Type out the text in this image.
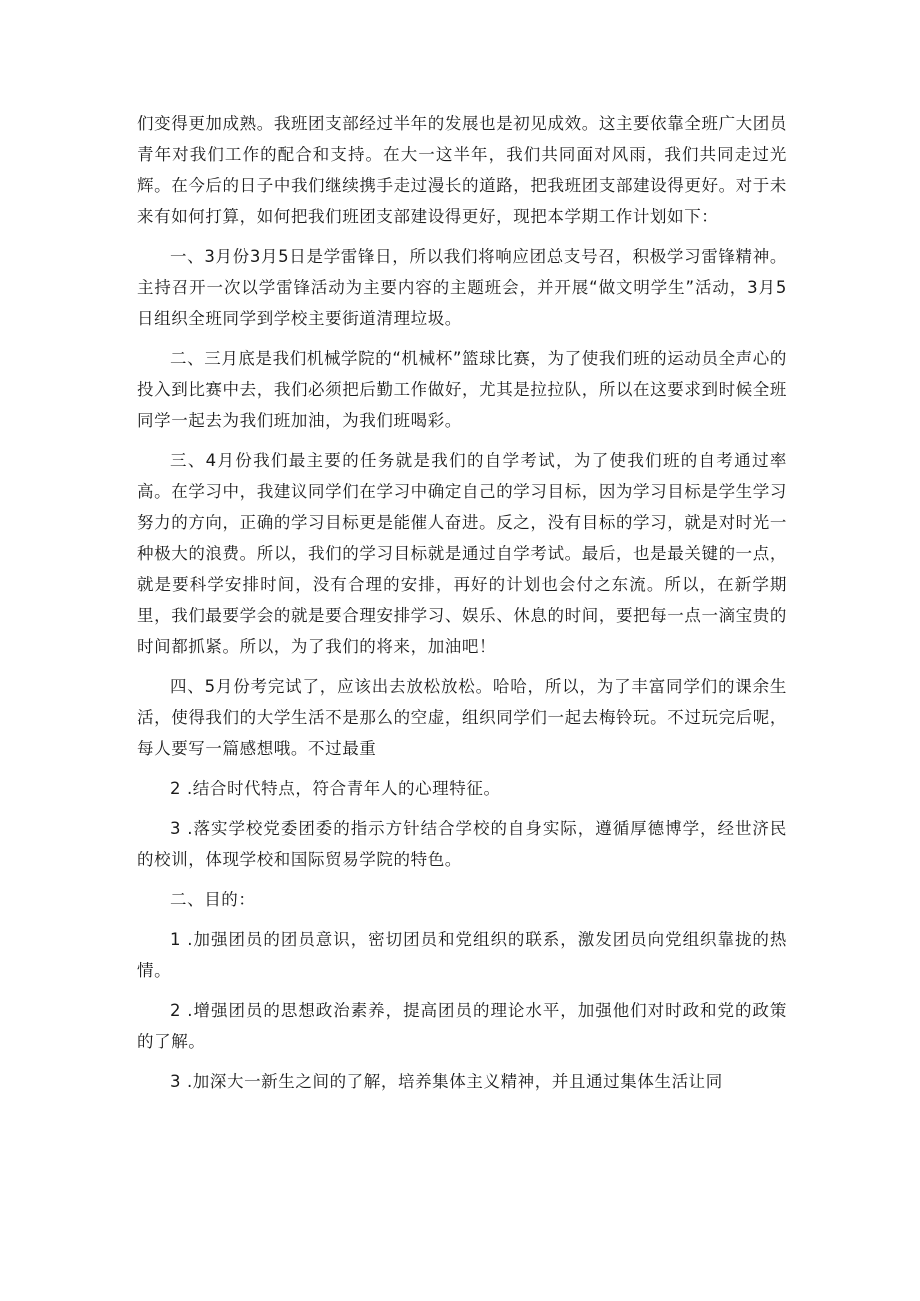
们变得更加成熟。我班团支部经过半年的发展也是初见成效。这主要依靠全班广大团员青年对我们工作的配合和支持。在大一这半年，我们共同面对风雨，我们共同走过光辉。在今后的日子中我们继续携手走过漫长的道路，把我班团支部建设得更好。对于未来有如何打算，如何把我们班团支部建设得更好，现把本学期工作计划如下：

一、3月份3月5日是学雷锋日，所以我们将响应团总支号召，积极学习雷锋精神。主持召开一次以学雷锋活动为主要内容的主题班会，并开展“做文明学生”活动，3月5日组织全班同学到学校主要街道清理垃圾。

二、三月底是我们机械学院的“机械杯”篮球比赛，为了使我们班的运动员全声心的投入到比赛中去，我们必须把后勤工作做好，尤其是拉拉队，所以在这要求到时候全班同学一起去为我们班加油，为我们班喝彩。

三、4月份我们最主要的任务就是我们的自学考试，为了使我们班的自考通过率高。在学习中，我建议同学们在学习中确定自己的学习目标，因为学习目标是学生学习努力的方向，正确的学习目标更是能催人奋进。反之，没有目标的学习，就是对时光一种极大的浪费。所以，我们的学习目标就是通过自学考试。最后，也是最关键的一点，就是要科学安排时间，没有合理的安排，再好的计划也会付之东流。所以，在新学期里，我们最要学会的就是要合理安排学习、娱乐、休息的时间，要把每一点一滴宝贵的时间都抓紧。所以，为了我们的将来，加油吧！

四、5月份考完试了，应该出去放松放松。哈哈，所以，为了丰富同学们的课余生活，使得我们的大学生活不是那么的空虚，组织同学们一起去梅铃玩。不过玩完后呢，每人要写一篇感想哦。不过最重

2 .结合时代特点，符合青年人的心理特征。

3 .落实学校党委团委的指示方针结合学校的自身实际，遵循厚德博学，经世济民的校训，体现学校和国际贸易学院的特色。

二、目的：

1 .加强团员的团员意识，密切团员和党组织的联系，激发团员向党组织靠拢的热情。

2 .增强团员的思想政治素养，提高团员的理论水平，加强他们对时政和党的政策的了解。

3 .加深大一新生之间的了解，培养集体主义精神，并且通过集体生活让同
